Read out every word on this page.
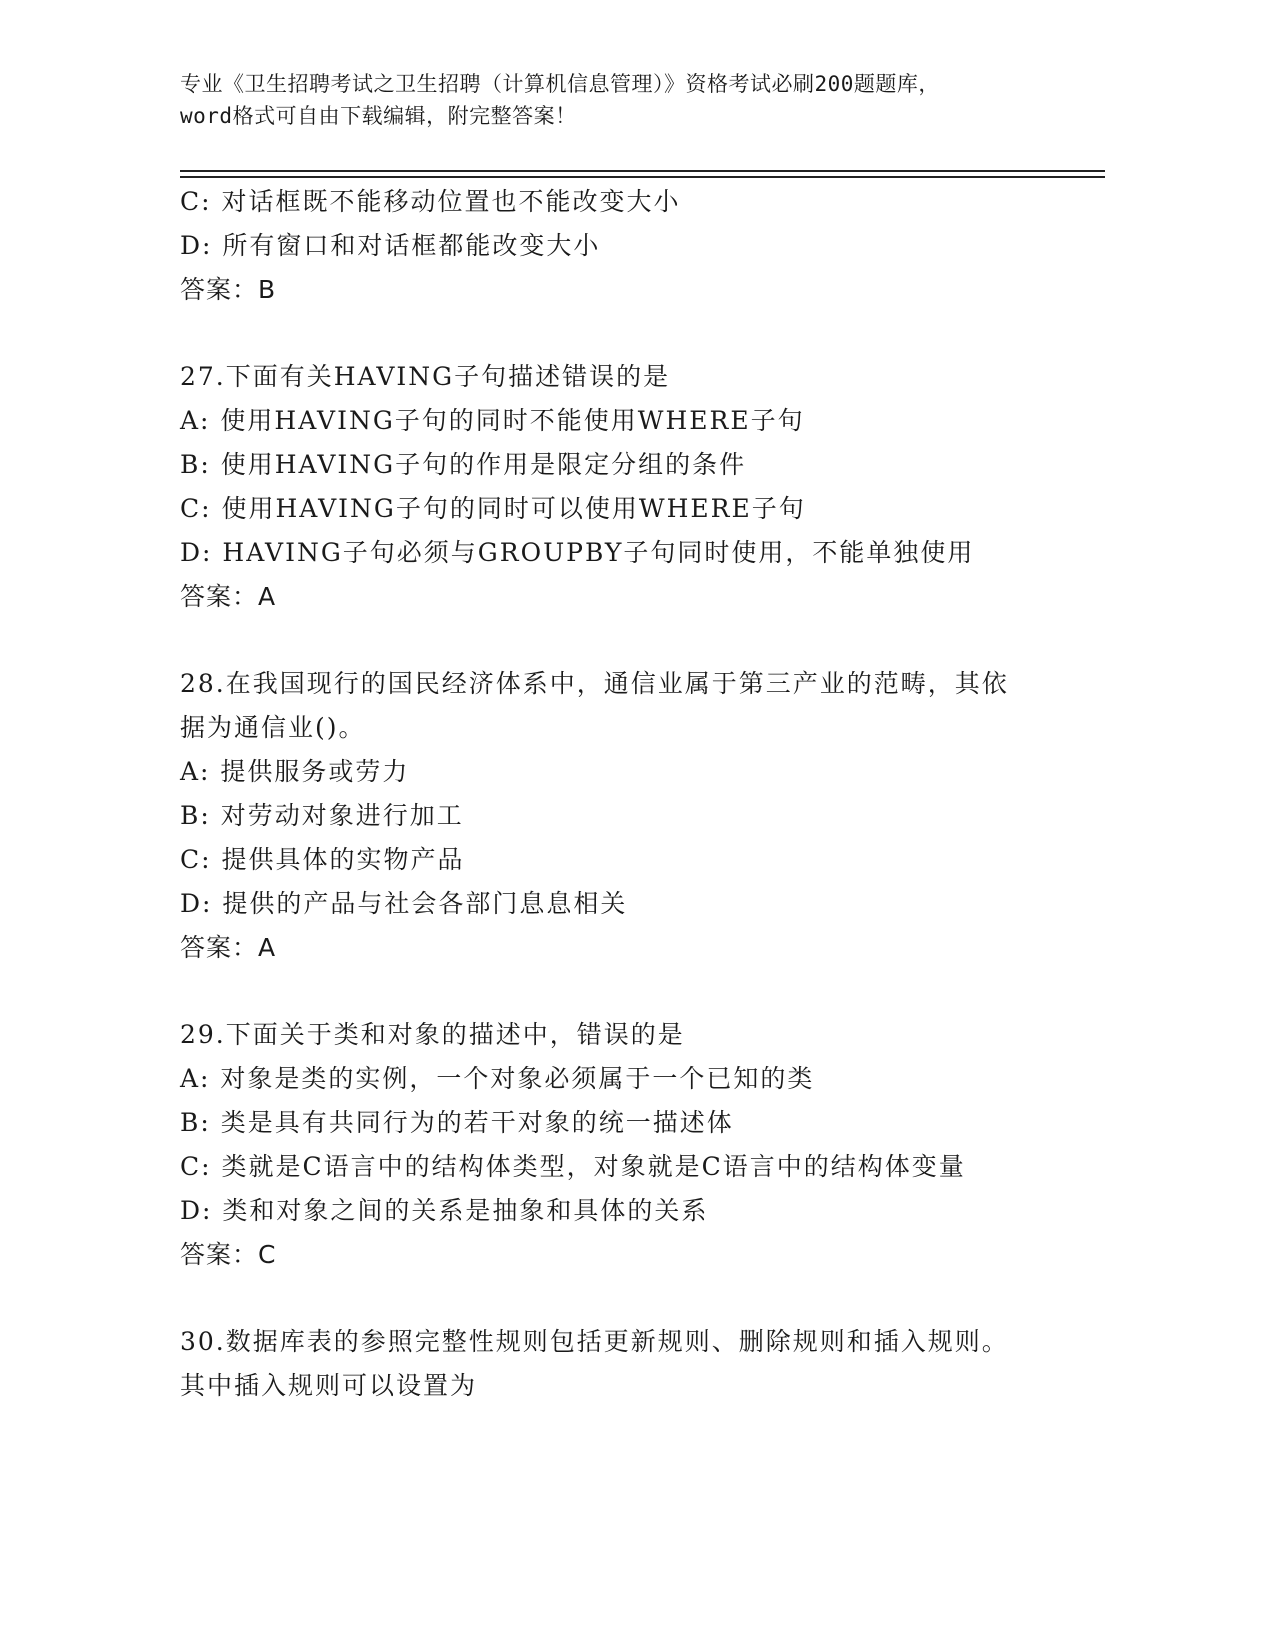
专业《卫生招聘考试之卫生招聘（计算机信息管理）》资格考试必刷200题题库，
word格式可自由下载编辑，附完整答案！
C: 对话框既不能移动位置也不能改变大小
D: 所有窗口和对话框都能改变大小
答案：B
27.下面有关HAVING子句描述错误的是
A: 使用HAVING子句的同时不能使用WHERE子句
B: 使用HAVING子句的作用是限定分组的条件
C: 使用HAVING子句的同时可以使用WHERE子句
D: HAVING子句必须与GROUPBY子句同时使用，不能单独使用
答案：A
28.在我国现行的国民经济体系中，通信业属于第三产业的范畴，其依
据为通信业()。
A: 提供服务或劳力
B: 对劳动对象进行加工
C: 提供具体的实物产品
D: 提供的产品与社会各部门息息相关
答案：A
29.下面关于类和对象的描述中，错误的是
A: 对象是类的实例，一个对象必须属于一个已知的类
B: 类是具有共同行为的若干对象的统一描述体
C: 类就是C语言中的结构体类型，对象就是C语言中的结构体变量
D: 类和对象之间的关系是抽象和具体的关系
答案：C
30.数据库表的参照完整性规则包括更新规则、删除规则和插入规则。
其中插入规则可以设置为
